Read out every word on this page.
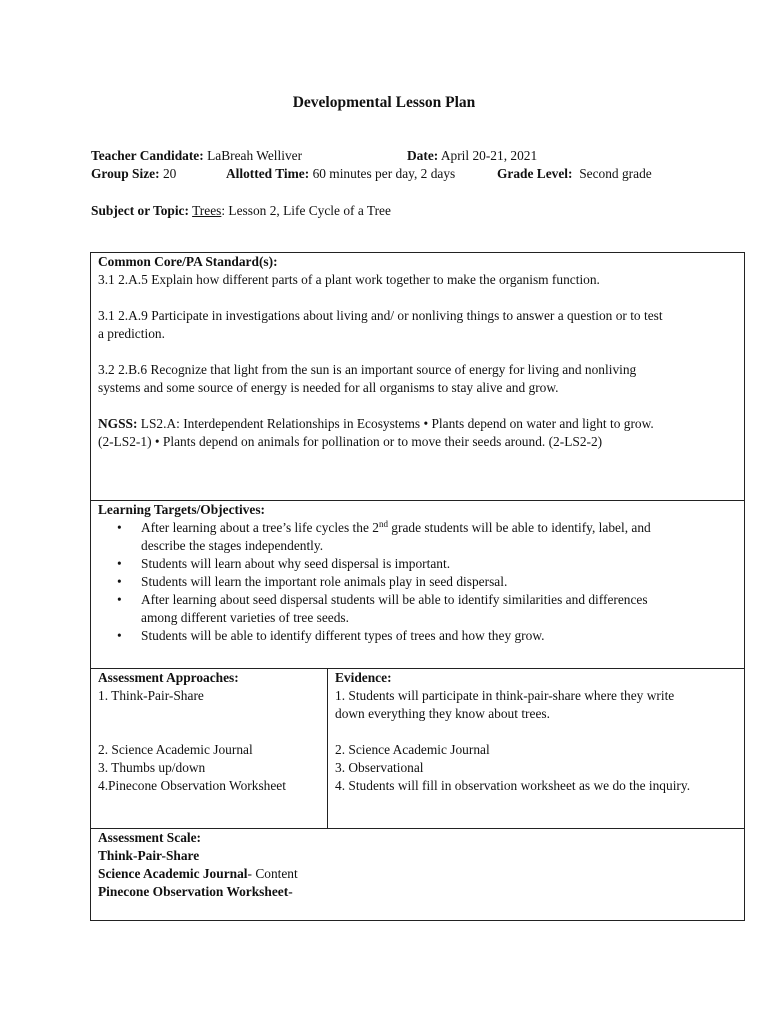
Developmental Lesson Plan
Teacher Candidate: LaBreah Welliver	Date: April 20-21, 2021
Group Size: 20	Allotted Time: 60 minutes per day, 2 days	Grade Level: Second grade
Subject or Topic: Trees: Lesson 2, Life Cycle of a Tree

Common Core/PA Standard(s):

3.1 2.A.5 Explain how different parts of a plant work together to make the organism function.

3.1 2.A.9 Participate in investigations about living and/ or nonliving things to answer a question or to test

a prediction.

3.2 2.B.6 Recognize that light from the sun is an important source of energy for living and nonliving

systems and some source of energy is needed for all organisms to stay alive and grow.

NGSS: LS2.A: Interdependent Relationships in Ecosystems • Plants depend on water and light to grow.

(2-LS2-1) • Plants depend on animals for pollination or to move their seeds around. (2-LS2-2)

Learning Targets/Objectives:

• After learning about a tree’s life cycles the 2nd grade students will be able to identify, label, and
describe the stages independently.
• Students will learn about why seed dispersal is important.
• Students will learn the important role animals play in seed dispersal.
• After learning about seed dispersal students will be able to identify similarities and differences
among different varieties of tree seeds.
• Students will be able to identify different types of trees and how they grow.

Assessment Approaches:

1. Think-Pair-Share

2. Science Academic Journal

3. Thumbs up/down

4.Pinecone Observation Worksheet

Evidence:

1. Students will participate in think-pair-share where they write

down everything they know about trees.

2. Science Academic Journal

3. Observational

4. Students will fill in observation worksheet as we do the inquiry.

Assessment Scale:

Think-Pair-Share

Science Academic Journal- Content

Pinecone Observation Worksheet-
